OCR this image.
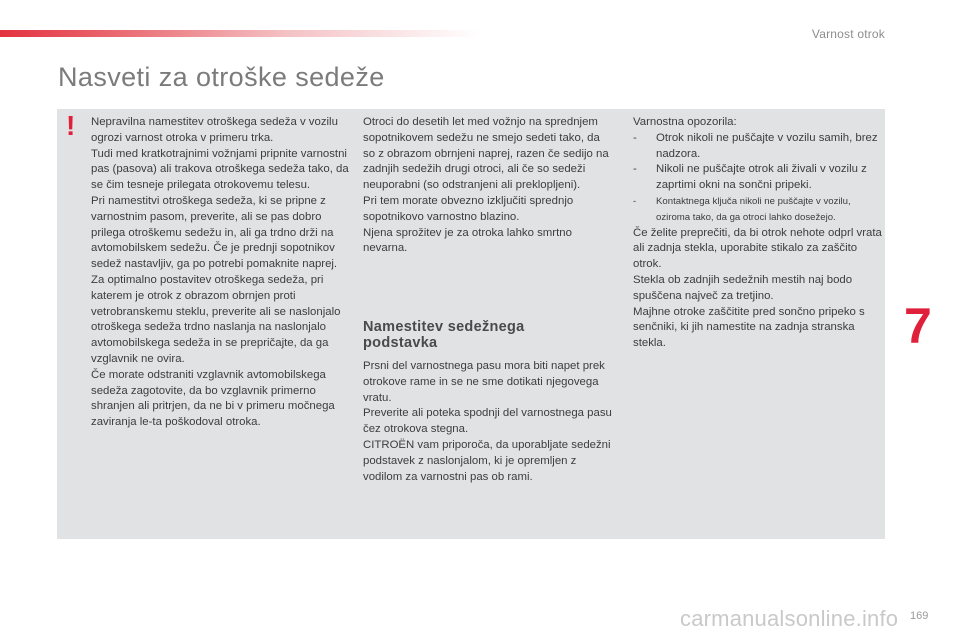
Varnost otrok
Nasveti za otroške sedeže
! Nepravilna namestitev otroškega sedeža v vozilu ogrozi varnost otroka v primeru trka.

Tudi med kratkotrajnimi vožnjami pripnite varnostni pas (pasova) ali trakova otroškega sedeža tako, da se čim tesneje prilegata otrokovemu telesu.

Pri namestitvi otroškega sedeža, ki se pripne z varnostnim pasom, preverite, ali se pas dobro prilega otroškemu sedežu in, ali ga trdno drži na avtomobilskem sedežu. Če je prednji sopotnikov sedež nastavljiv, ga po potrebi pomaknite naprej.

Za optimalno postavitev otroškega sedeža, pri katerem je otrok z obrazom obrnjen proti vetrobranskemu steklu, preverite ali se naslonjalo otroškega sedeža trdno naslanja na naslonjalo avtomobilskega sedeža in se prepričajte, da ga vzglavnik ne ovira.

Če morate odstraniti vzglavnik avtomobilskega sedeža zagotovite, da bo vzglavnik primerno shranjen ali pritrjen, da ne bi v primeru močnega zaviranja le-ta poškodoval otroka.

Otroci do desetih let med vožnjo na sprednjem sopotnikovem sedežu ne smejo sedeti tako, da so z obrazom obrnjeni naprej, razen če sedijo na zadnjih sedežih drugi otroci, ali če so sedeži neuporabni (so odstranjeni ali preklopljeni).

Pri tem morate obvezno izključiti sprednjo sopotnikovo varnostno blazino.

Njena sprožitev je za otroka lahko smrtno nevarna.

Namestitev sedežnega podstavka

Prsni del varnostnega pasu mora biti napet prek otrokove rame in se ne sme dotikati njegovega vratu.

Preverite ali poteka spodnji del varnostnega pasu čez otrokova stegna.

CITROËN vam priporoča, da uporabljate sedežni podstavek z naslonjalom, ki je opremljen z vodilom za varnostni pas ob rami.

Varnostna opozorila:

- Otrok nikoli ne puščajte v vozilu samih, brez nadzora.
- Nikoli ne puščajte otrok ali živali v vozilu z zaprtimi okni na sončni pripeki.
- Kontaktnega ključa nikoli ne puščajte v vozilu, oziroma tako, da ga otroci lahko dosežejo.

Če želite preprečiti, da bi otrok nehote odprl vrata ali zadnja stekla, uporabite stikalo za zaščito otrok.

Stekla ob zadnjih sedežnih mestih naj bodo spuščena največ za tretjino.

Majhne otroke zaščitite pred sončno pripeko s senčniki, ki jih namestite na zadnja stranska stekla.	7
169
carmanualsonline.info
